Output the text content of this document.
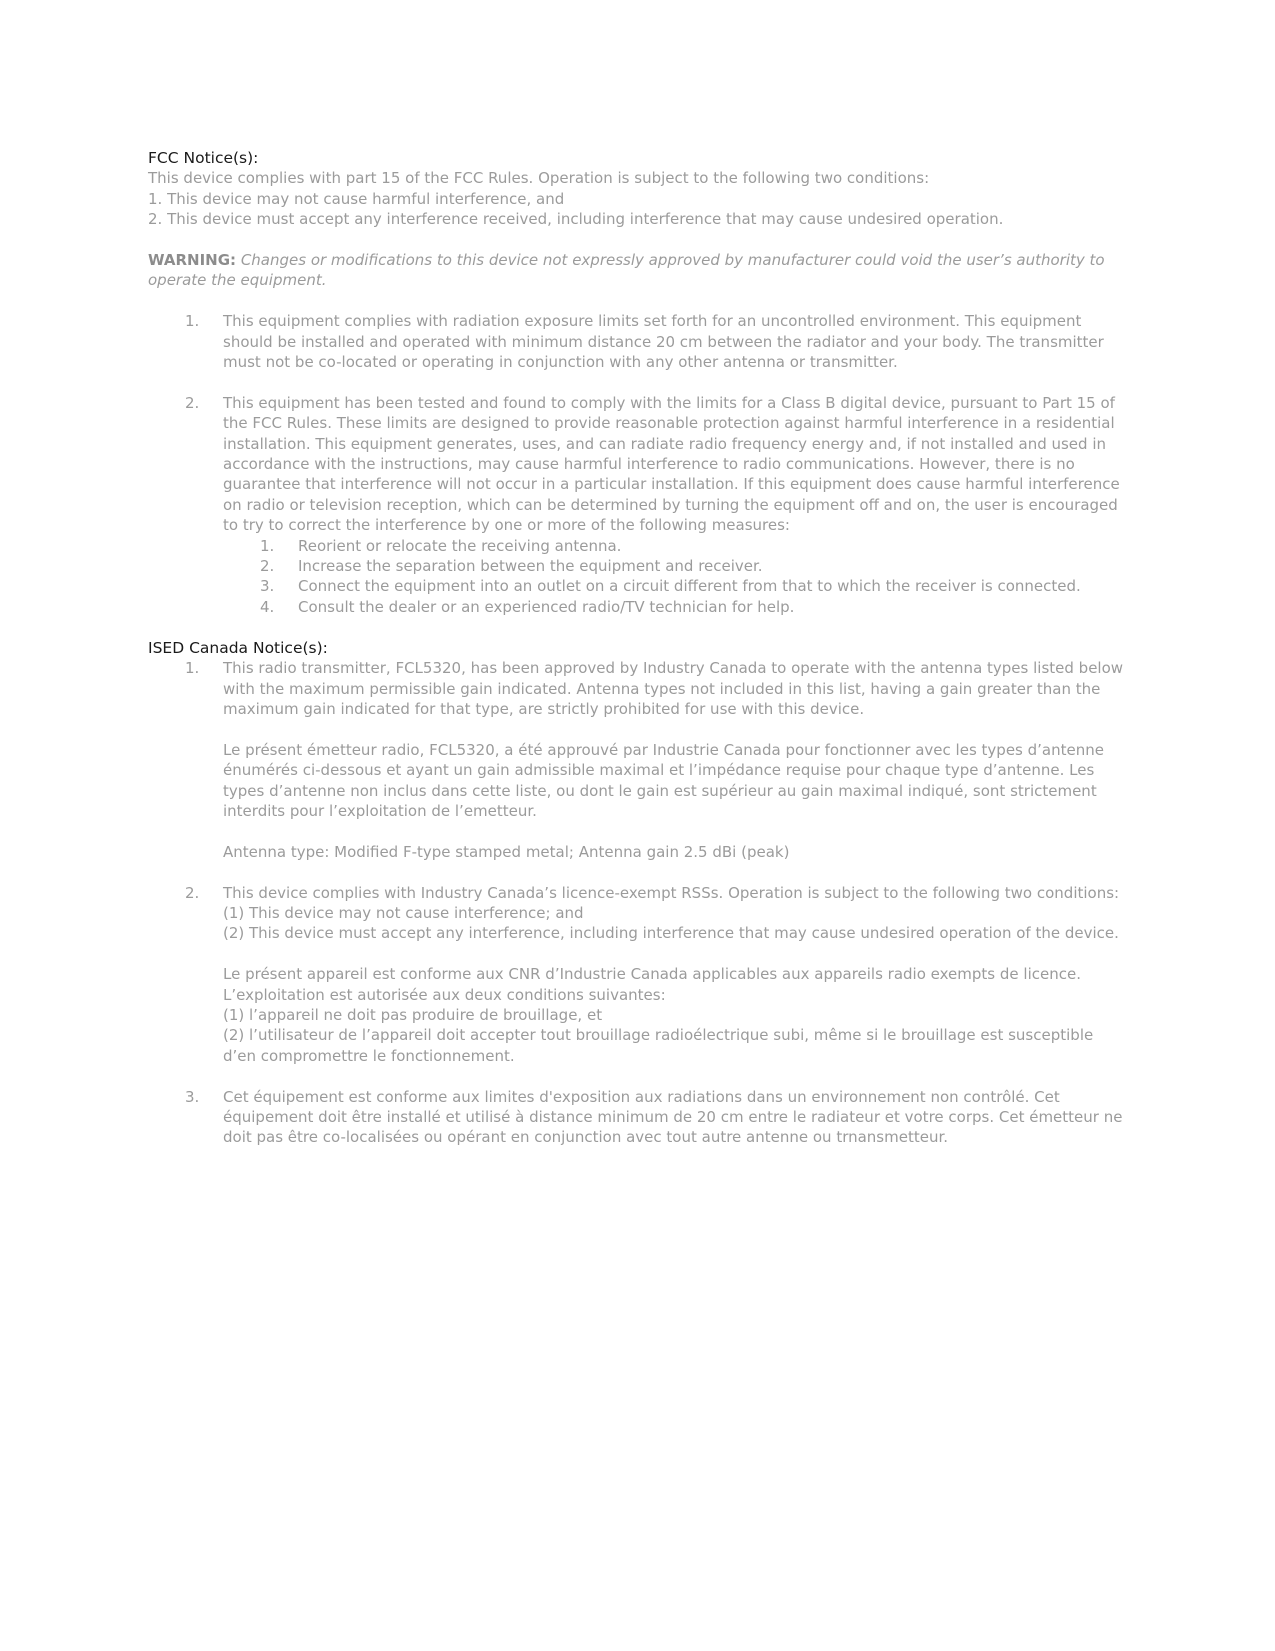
FCC Notice(s):

This device complies with part 15 of the FCC Rules. Operation is subject to the following two conditions:

1. This device may not cause harmful interference, and

2. This device must accept any interference received, including interference that may cause undesired operation.

WARNING: Changes or modifications to this device not expressly approved by manufacturer could void the user’s authority to operate the equipment.

1. This equipment complies with radiation exposure limits set forth for an uncontrolled environment. This equipment should be installed and operated with minimum distance 20 cm between the radiator and your body. The transmitter must not be co-located or operating in conjunction with any other antenna or transmitter.
2. This equipment has been tested and found to comply with the limits for a Class B digital device, pursuant to Part 15 of the FCC Rules. These limits are designed to provide reasonable protection against harmful interference in a residential installation. This equipment generates, uses, and can radiate radio frequency energy and, if not installed and used in accordance with the instructions, may cause harmful interference to radio communications. However, there is no guarantee that interference will not occur in a particular installation. If this equipment does cause harmful interference on radio or television reception, which can be determined by turning the equipment off and on, the user is encouraged to try to correct the interference by one or more of the following measures:
1. Reorient or relocate the receiving antenna.
2. Increase the separation between the equipment and receiver.
3. Connect the equipment into an outlet on a circuit different from that to which the receiver is connected.
4. Consult the dealer or an experienced radio/TV technician for help.
ISED Canada Notice(s):
1. This radio transmitter, FCL5320, has been approved by Industry Canada to operate with the antenna types listed below with the maximum permissible gain indicated. Antenna types not included in this list, having a gain greater than the maximum gain indicated for that type, are strictly prohibited for use with this device.

Le présent émetteur radio, FCL5320, a été approuvé par Industrie Canada pour fonctionner avec les types d’antenne énumérés ci-dessous et ayant un gain admissible maximal et l’impédance requise pour chaque type d’antenne. Les types d’antenne non inclus dans cette liste, ou dont le gain est supérieur au gain maximal indiqué, sont strictement interdits pour l’exploitation de l’emetteur.

Antenna type: Modified F-type stamped metal; Antenna gain 2.5 dBi (peak)

2. This device complies with Industry Canada’s licence-exempt RSSs. Operation is subject to the following two conditions:

(1) This device may not cause interference; and

(2) This device must accept any interference, including interference that may cause undesired operation of the device.

Le présent appareil est conforme aux CNR d’Industrie Canada applicables aux appareils radio exempts de licence. L’exploitation est autorisée aux deux conditions suivantes:

(1) l’appareil ne doit pas produire de brouillage, et

(2) l’utilisateur de l’appareil doit accepter tout brouillage radioélectrique subi, même si le brouillage est susceptible d’en compromettre le fonctionnement.

3. Cet équipement est conforme aux limites d'exposition aux radiations dans un environnement non contrôlé. Cet équipement doit être installé et utilisé à distance minimum de 20 cm entre le radiateur et votre corps. Cet émetteur ne doit pas être co-localisées ou opérant en conjunction avec tout autre antenne ou trnansmetteur.
